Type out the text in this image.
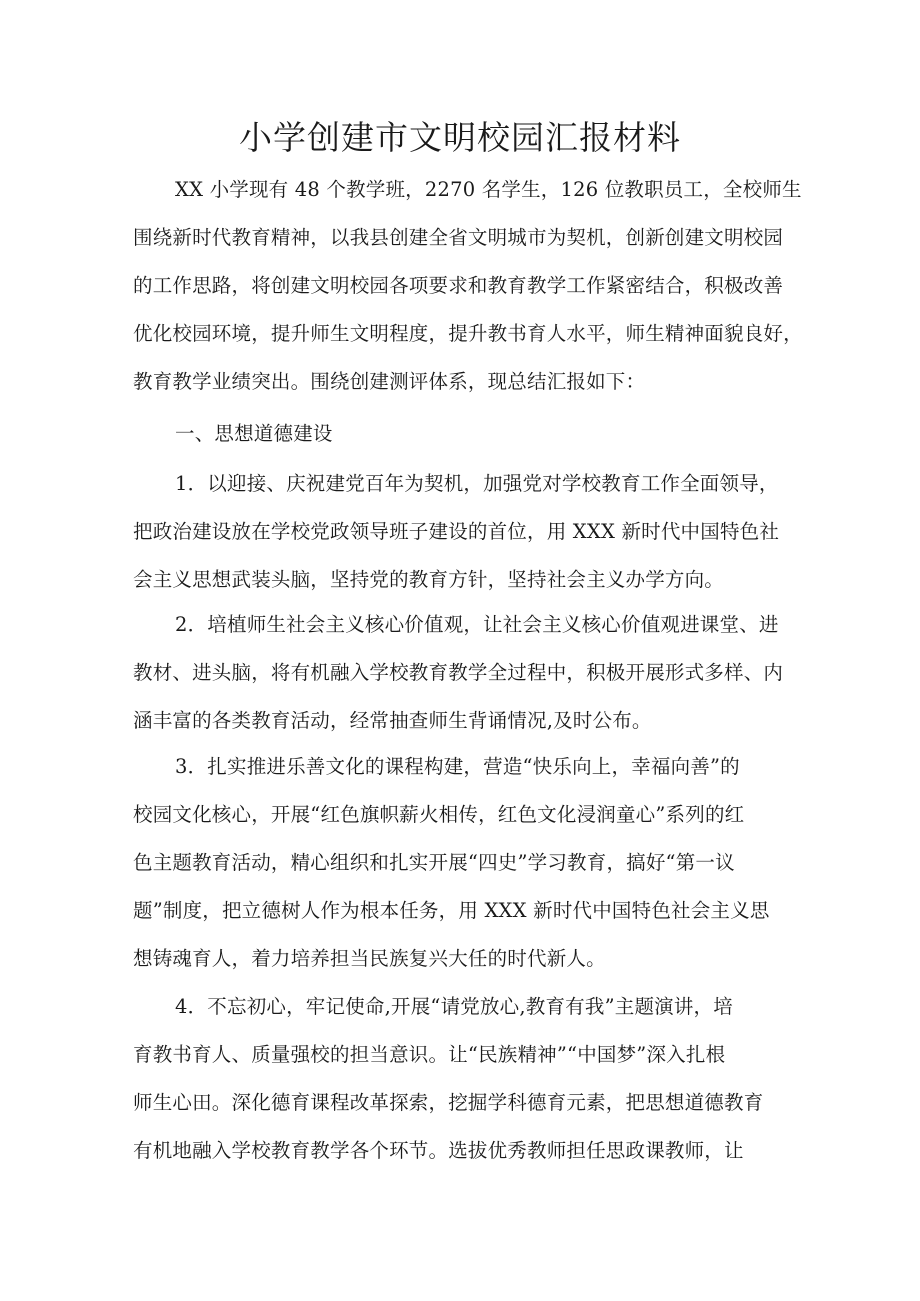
小学创建市文明校园汇报材料
XX 小学现有 48 个教学班，2270 名学生，126 位教职员工，全校师生
围绕新时代教育精神，以我县创建全省文明城市为契机，创新创建文明校园
的工作思路，将创建文明校园各项要求和教育教学工作紧密结合，积极改善
优化校园环境，提升师生文明程度，提升教书育人水平，师生精神面貌良好，
教育教学业绩突出。围绕创建测评体系，现总结汇报如下：
一、思想道德建设
1．以迎接、庆祝建党百年为契机，加强党对学校教育工作全面领导，
把政治建设放在学校党政领导班子建设的首位，用 XXX 新时代中国特色社
会主义思想武装头脑，坚持党的教育方针，坚持社会主义办学方向。
2．培植师生社会主义核心价值观，让社会主义核心价值观进课堂、进
教材、进头脑，将有机融入学校教育教学全过程中，积极开展形式多样、内
涵丰富的各类教育活动，经常抽查师生背诵情况,及时公布。
3．扎实推进乐善文化的课程构建，营造“快乐向上，幸福向善”的
校园文化核心，开展“红色旗帜薪火相传，红色文化浸润童心”系列的红
色主题教育活动，精心组织和扎实开展“四史”学习教育，搞好“第一议
题”制度，把立德树人作为根本任务，用 XXX 新时代中国特色社会主义思
想铸魂育人，着力培养担当民族复兴大任的时代新人。
4．不忘初心，牢记使命,开展“请党放心,教育有我”主题演讲，培
育教书育人、质量强校的担当意识。让“民族精神”“中国梦”深入扎根
师生心田。深化德育课程改革探索，挖掘学科德育元素，把思想道德教育
有机地融入学校教育教学各个环节。选拔优秀教师担任思政课教师，让
